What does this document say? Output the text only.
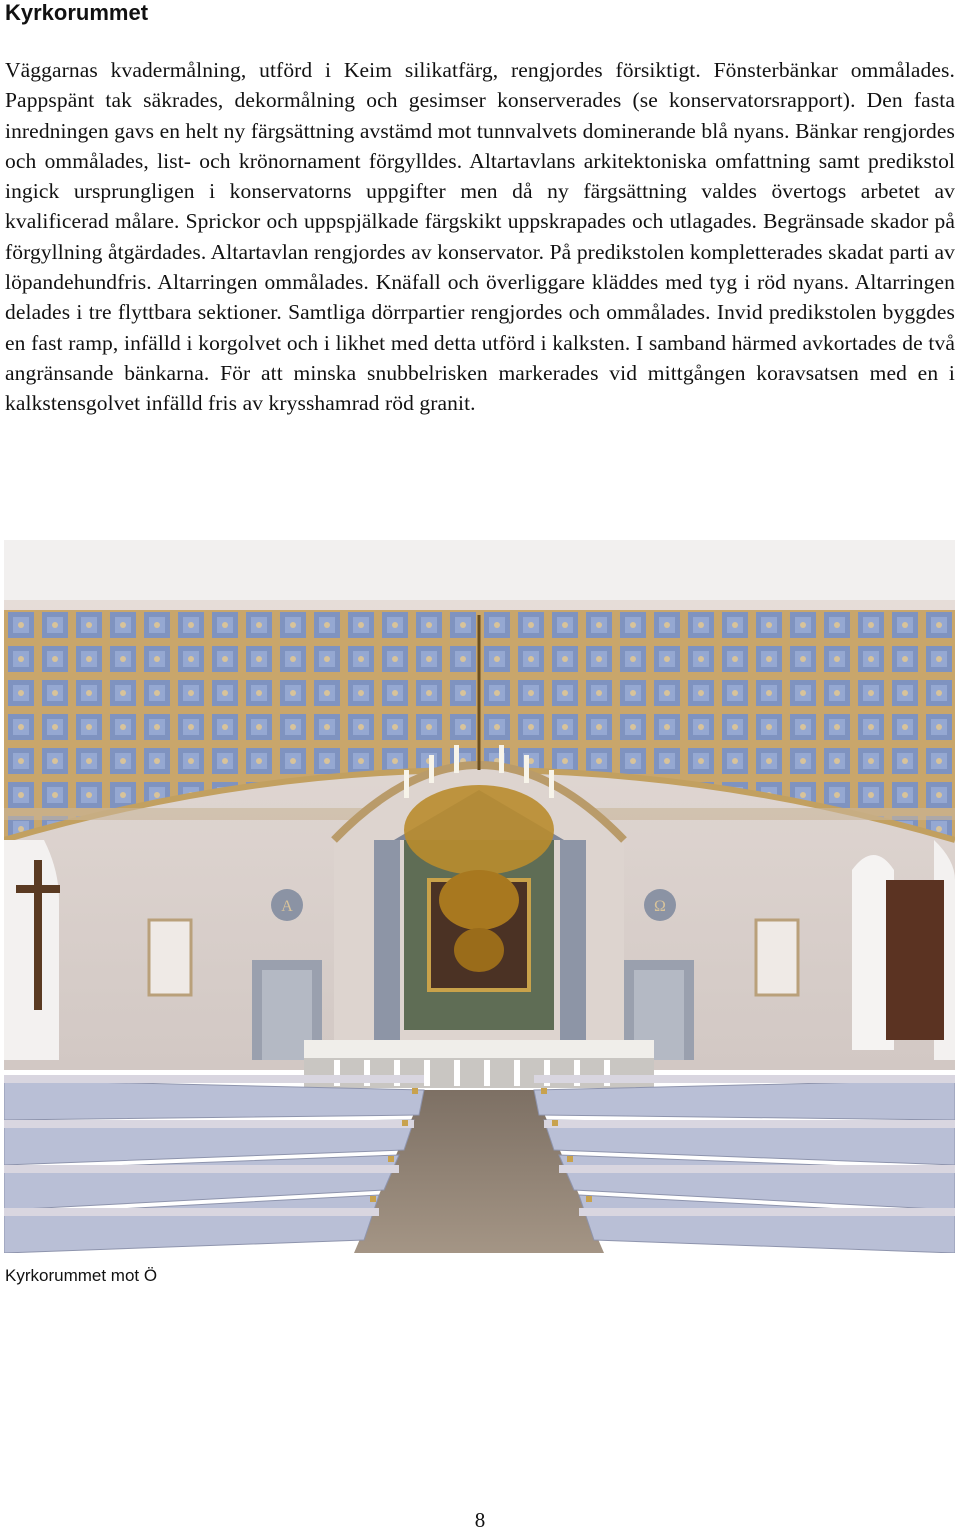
Kyrkorummet

Väggarnas kvadermålning, utförd i Keim silikatfärg, rengjordes försiktigt. Fönsterbänkar ommålades. Pappspänt tak säkrades, dekormålning och gesimser konserverades (se konservatorsrapport). Den fasta inredningen gavs en helt ny färgsättning avstämd mot tunnvalvets dominerande blå nyans. Bänkar rengjordes och ommålades, list- och krönornament förgylldes. Altartavlans arkitektoniska omfattning samt predikstol ingick ursprungligen i konservatorns uppgifter men då ny färgsättning valdes övertogs arbetet av kvalificerad målare. Sprickor och uppspjälkade färgskikt uppskrapades och utlagades. Begränsade skador på förgyllning åtgärdades. Altartavlan rengjordes av konservator. På predikstolen kompletterades skadat parti av löpandehundfris. Altarringen ommålades. Knäfall och överliggare kläddes med tyg i röd nyans. Altarringen delades i tre flyttbara sektioner. Samtliga dörrpartier rengjordes och ommålades. Invid predikstolen byggdes en fast ramp, infälld i korgolvet och i likhet med detta utförd i kalksten. I samband härmed avkortades de två angränsande bänkarna. För att minska snubbelrisken markerades vid mittgången koravsatsen med en i kalkstensgolvet infälld fris av krysshamrad röd granit.

A	Ω

Kyrkorummet mot Ö

8
